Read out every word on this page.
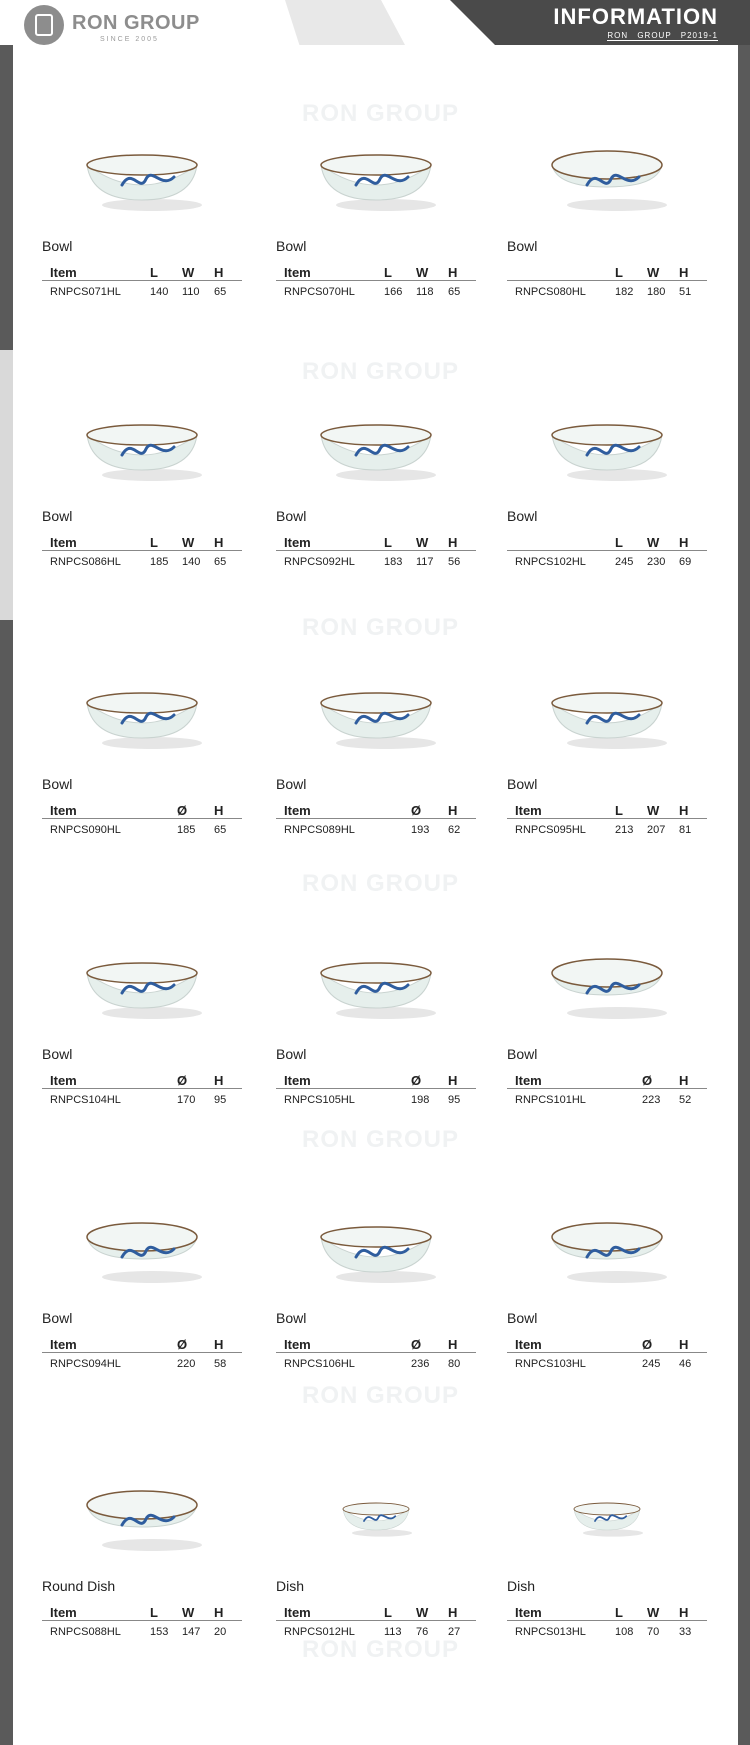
RON GROUP
SINCE 2005
INFORMATION
RON GROUP P2019-1
RON GROUP
RON GROUP
RON GROUP
RON GROUP
RON GROUP
RON GROUP
RON GROUP
Bowl
Item	L W H
RNPCS071HL	140 110 65
Bowl
Item	L W H
RNPCS070HL	166 118 65
Bowl
L W H
RNPCS080HL	182 180 51
Bowl
Item	L W H
RNPCS086HL	185 140 65
Bowl
Item	L W H
RNPCS092HL	183 117 56
Bowl
L W H
RNPCS102HL	245 230 69
Bowl
Item	Ø H
RNPCS090HL	185 65
Bowl
Item	Ø H
RNPCS089HL	193 62
Bowl
Item	L W H
RNPCS095HL	213 207 81
Bowl
Item	Ø H
RNPCS104HL	170 95
Bowl
Item	Ø H
RNPCS105HL	198 95
Bowl
Item	Ø H
RNPCS101HL	223 52
Bowl
Item	Ø H
RNPCS094HL	220 58
Bowl
Item	Ø H
RNPCS106HL	236 80
Bowl
Item	Ø H
RNPCS103HL	245 46
Round Dish
Item	L W H
RNPCS088HL	153 147 20
Dish
Item	L W H
RNPCS012HL	113 76 27
Dish
Item	L W H
RNPCS013HL	108 70 33
